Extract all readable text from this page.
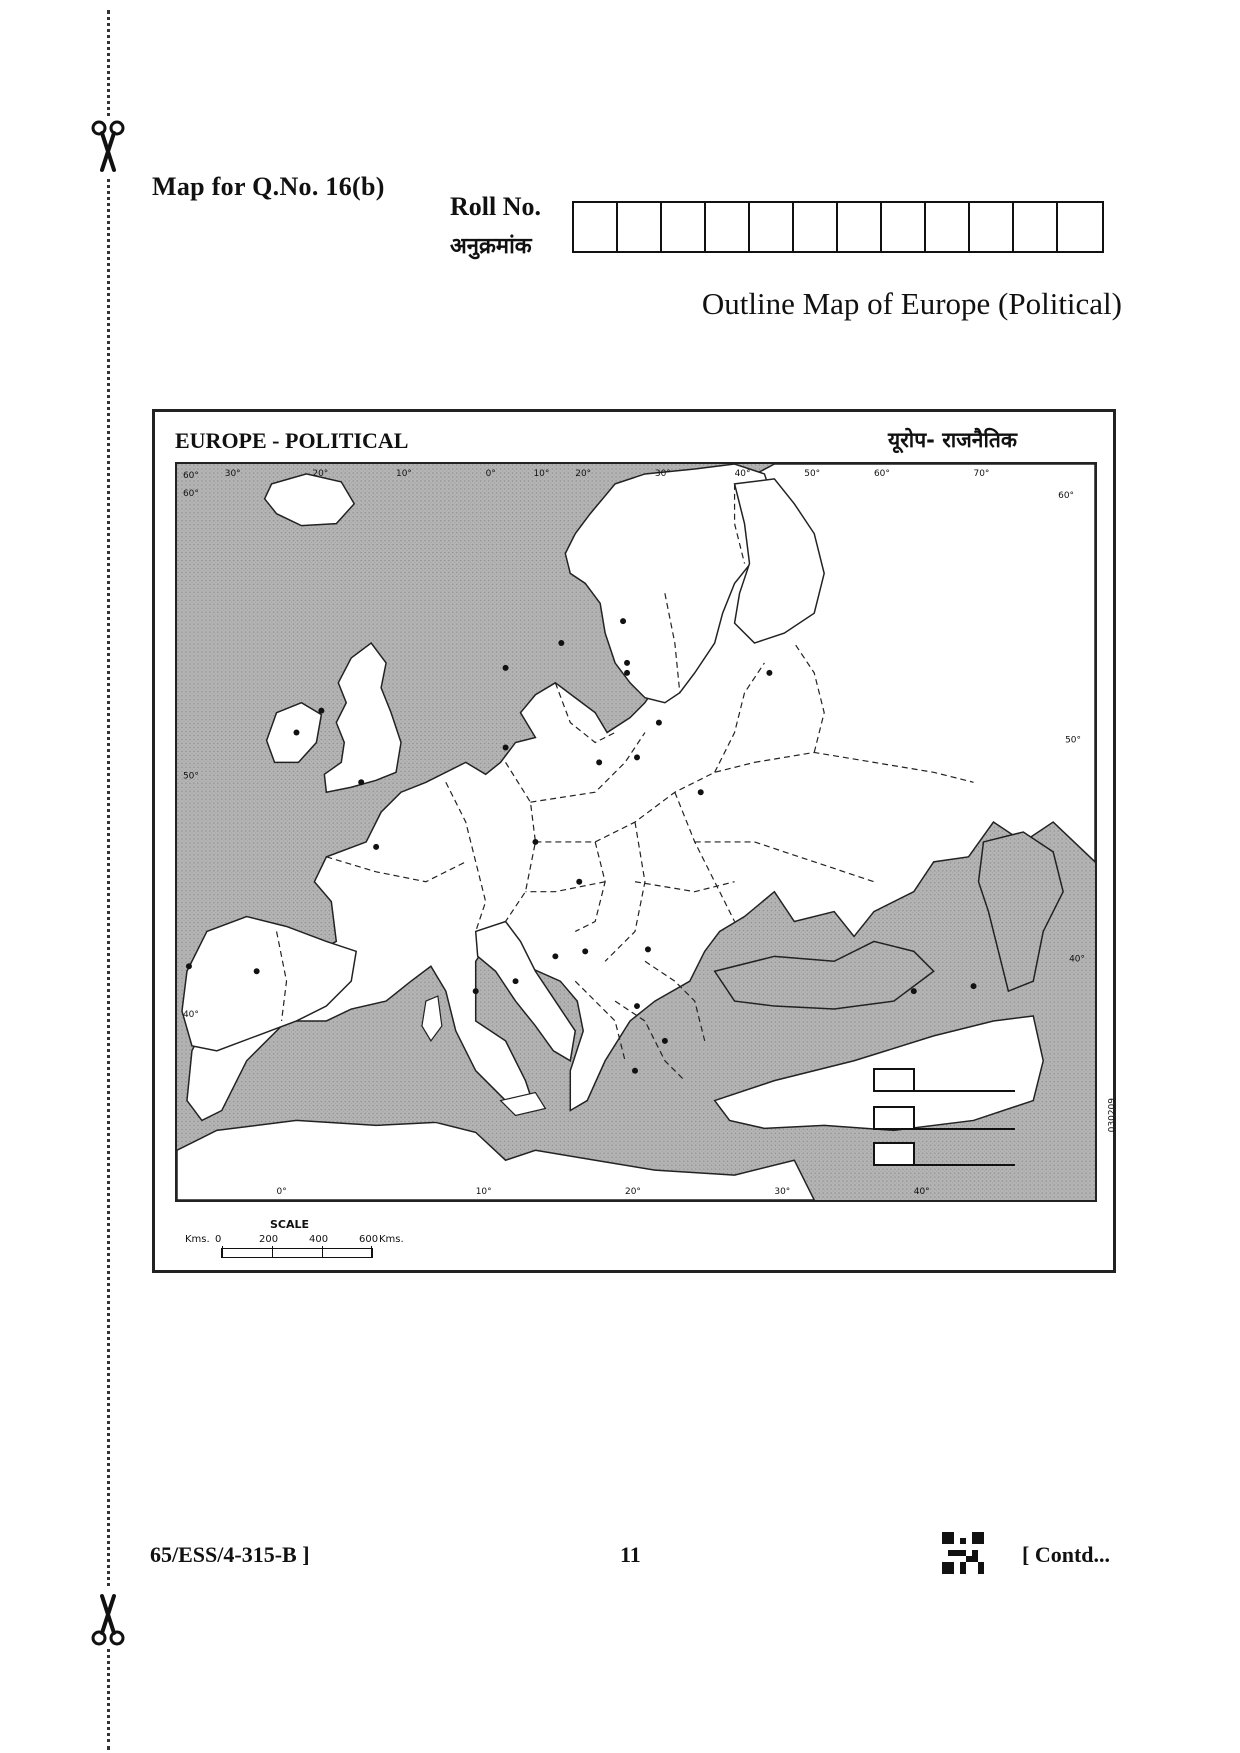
Map for Q.No. 16(b)
Roll No.
अनुक्रमांक
Outline Map of Europe (Political)
EUROPE - POLITICAL	यूरोप- राजनैतिक
60°	30°	20°	10°	0°	10°	20°	30°	40°	50°	60°	70°
0°	10°	20°	30°	40°
60°
50°
40°
60°
50°
40°
030209
SCALE
Kms. 0	200	400	600 Kms.
65/ESS/4-315-B ]	11	[ Contd...
